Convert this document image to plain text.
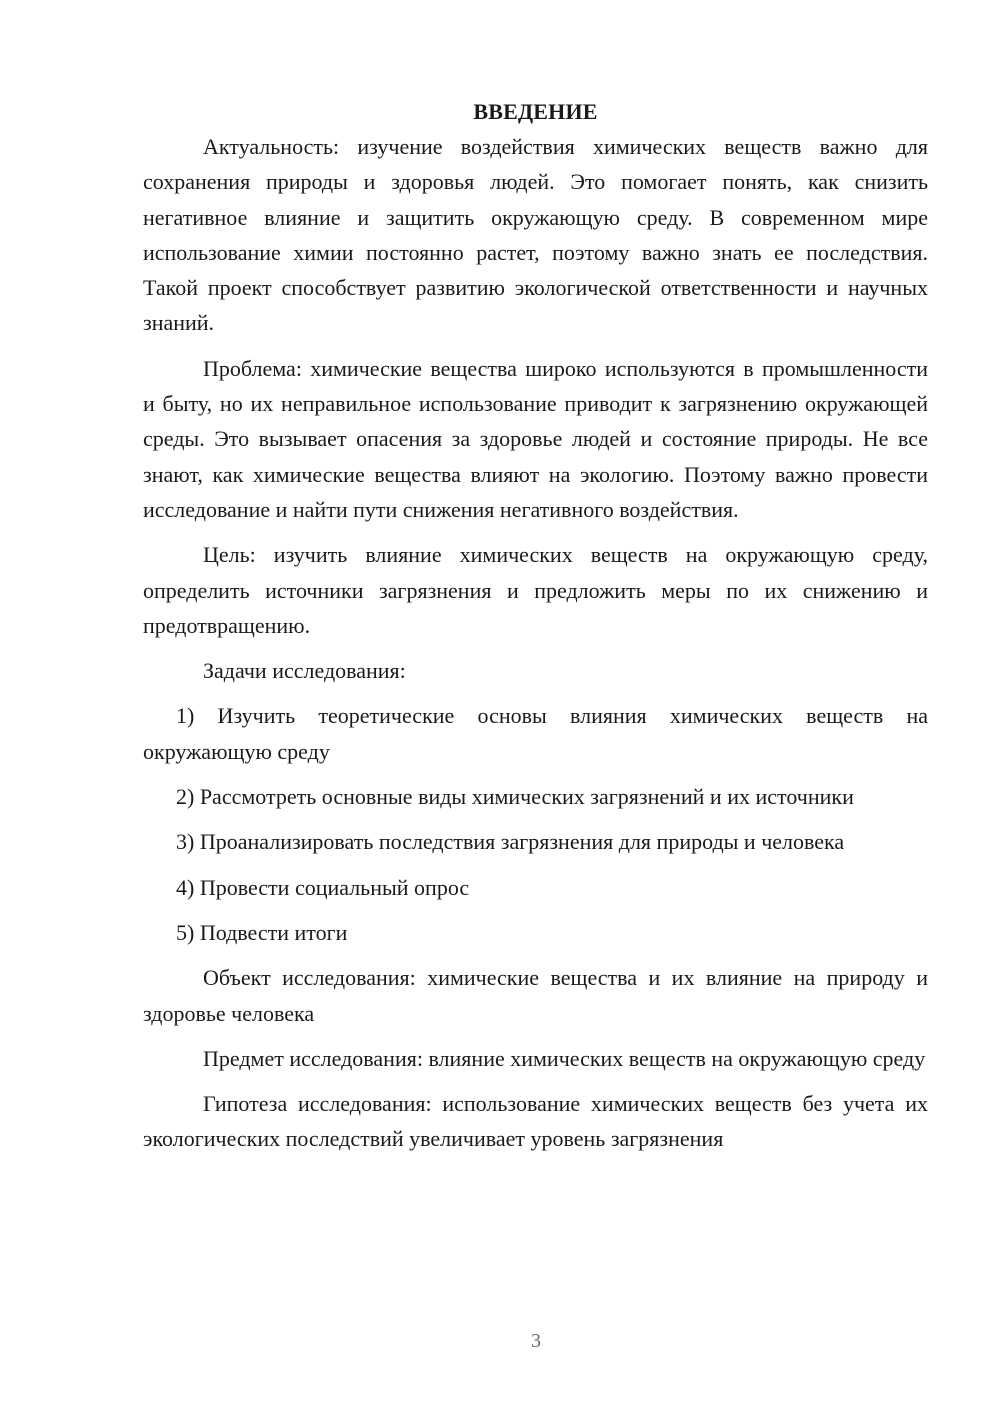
ВВЕДЕНИЕ

Актуальность: изучение воздействия химических веществ важно для сохранения природы и здоровья людей. Это помогает понять, как снизить негативное влияние и защитить окружающую среду. В современном мире использование химии постоянно растет, поэтому важно знать ее последствия. Такой проект способствует развитию экологической ответственности и научных знаний.

Проблема: химические вещества широко используются в промышленности и быту, но их неправильное использование приводит к загрязнению окружающей среды. Это вызывает опасения за здоровье людей и состояние природы. Не все знают, как химические вещества влияют на экологию. Поэтому важно провести исследование и найти пути снижения негативного воздействия.

Цель: изучить влияние химических веществ на окружающую среду, определить источники загрязнения и предложить меры по их снижению и предотвращению.

Задачи исследования:

1) Изучить теоретические основы влияния химических веществ на окружающую среду

2) Рассмотреть основные виды химических загрязнений и их источники

3) Проанализировать последствия загрязнения для природы и человека

4) Провести социальный опрос

5) Подвести итоги

Объект исследования: химические вещества и их влияние на природу и здоровье человека

Предмет исследования: влияние химических веществ на окружающую среду

Гипотеза исследования: использование химических веществ без учета их экологических последствий увеличивает уровень загрязнения

3
